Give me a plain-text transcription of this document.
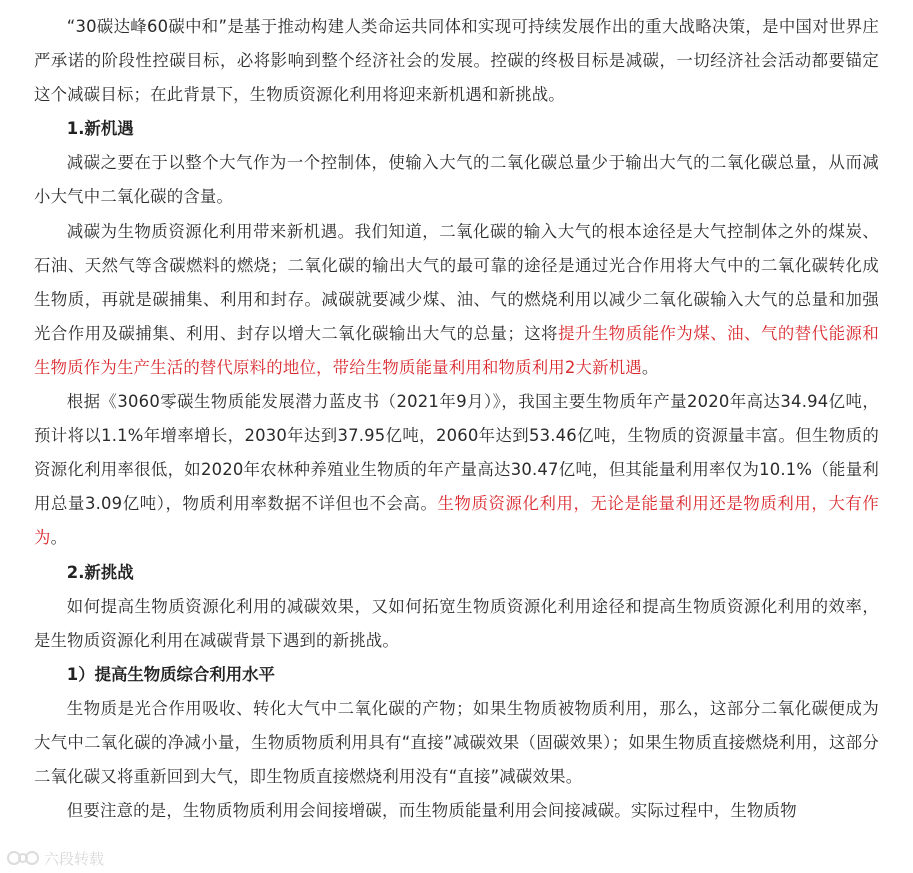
“30碳达峰60碳中和”是基于推动构建人类命运共同体和实现可持续发展作出的重大战略决策，是中国对世界庄严承诺的阶段性控碳目标，必将影响到整个经济社会的发展。控碳的终极目标是减碳，一切经济社会活动都要锚定这个减碳目标；在此背景下，生物质资源化利用将迎来新机遇和新挑战。

1.新机遇

减碳之要在于以整个大气作为一个控制体，使输入大气的二氧化碳总量少于输出大气的二氧化碳总量，从而减小大气中二氧化碳的含量。

减碳为生物质资源化利用带来新机遇。我们知道，二氧化碳的输入大气的根本途径是大气控制体之外的煤炭、石油、天然气等含碳燃料的燃烧；二氧化碳的输出大气的最可靠的途径是通过光合作用将大气中的二氧化碳转化成生物质，再就是碳捕集、利用和封存。减碳就要减少煤、油、气的燃烧利用以减少二氧化碳输入大气的总量和加强光合作用及碳捕集、利用、封存以增大二氧化碳输出大气的总量；这将提升生物质能作为煤、油、气的替代能源和生物质作为生产生活的替代原料的地位，带给生物质能量利用和物质利用2大新机遇。

根据《3060零碳生物质能发展潜力蓝皮书（2021年9月）》，我国主要生物质年产量2020年高达34.94亿吨，预计将以1.1%年增率增长，2030年达到37.95亿吨，2060年达到53.46亿吨，生物质的资源量丰富。但生物质的资源化利用率很低，如2020年农林种养殖业生物质的年产量高达30.47亿吨，但其能量利用率仅为10.1%（能量利用总量3.09亿吨），物质利用率数据不详但也不会高。生物质资源化利用，无论是能量利用还是物质利用，大有作为。

2.新挑战

如何提高生物质资源化利用的减碳效果，又如何拓宽生物质资源化利用途径和提高生物质资源化利用的效率，是生物质资源化利用在减碳背景下遇到的新挑战。

1）提高生物质综合利用水平

生物质是光合作用吸收、转化大气中二氧化碳的产物；如果生物质被物质利用，那么，这部分二氧化碳便成为大气中二氧化碳的净减小量，生物质物质利用具有“直接”减碳效果（固碳效果）；如果生物质直接燃烧利用，这部分二氧化碳又将重新回到大气，即生物质直接燃烧利用没有“直接”减碳效果。

但要注意的是，生物质物质利用会间接增碳，而生物质能量利用会间接减碳。实际过程中，生物质物

六段转载
